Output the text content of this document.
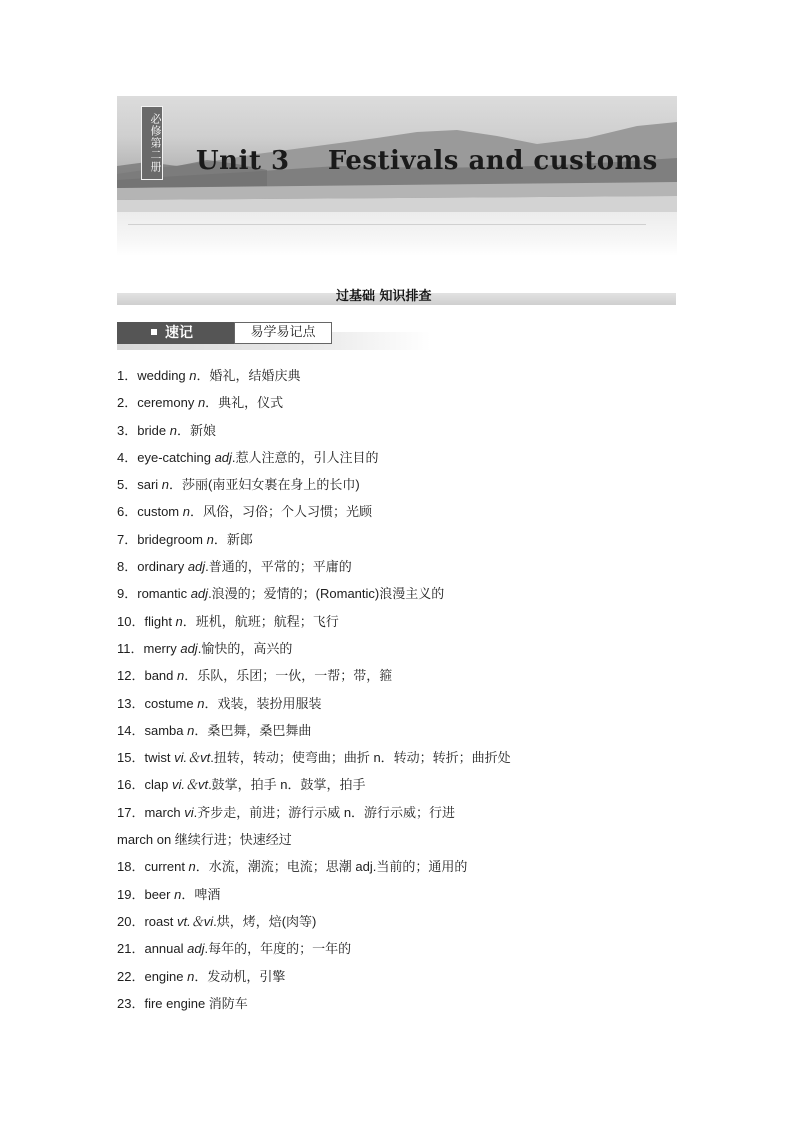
必修第二册 Unit 3    Festivals and customs
过基础 知识排查
速记	易学易记点
1．wedding n．婚礼，结婚庆典
2．ceremony n．典礼，仪式
3．bride n．新娘
4．eye-catching adj.惹人注意的，引人注目的
5．sari n．莎丽(南亚妇女裹在身上的长巾)
6．custom n．风俗，习俗；个人习惯；光顾
7．bridegroom n．新郎
8．ordinary adj.普通的，平常的；平庸的
9．romantic adj.浪漫的；爱情的；(Romantic)浪漫主义的
10．flight n．班机，航班；航程；飞行
11．merry adj.愉快的，高兴的
12．band n．乐队，乐团；一伙，一帮；带，箍
13．costume n．戏装，装扮用服装
14．samba n．桑巴舞，桑巴舞曲
15．twist vi.＆vt.扭转，转动；使弯曲；曲折 n．转动；转折；曲折处
16．clap vi.＆vt.鼓掌，拍手 n．鼓掌，拍手
17．march vi.齐步走，前进；游行示威 n．游行示威；行进
march on 继续行进；快速经过
18．current n．水流，潮流；电流；思潮 adj.当前的；通用的
19．beer n．啤酒
20．roast vt.＆vi.烘，烤，焙(肉等)
21．annual adj.每年的，年度的；一年的
22．engine n．发动机，引擎
23．fire engine 消防车
